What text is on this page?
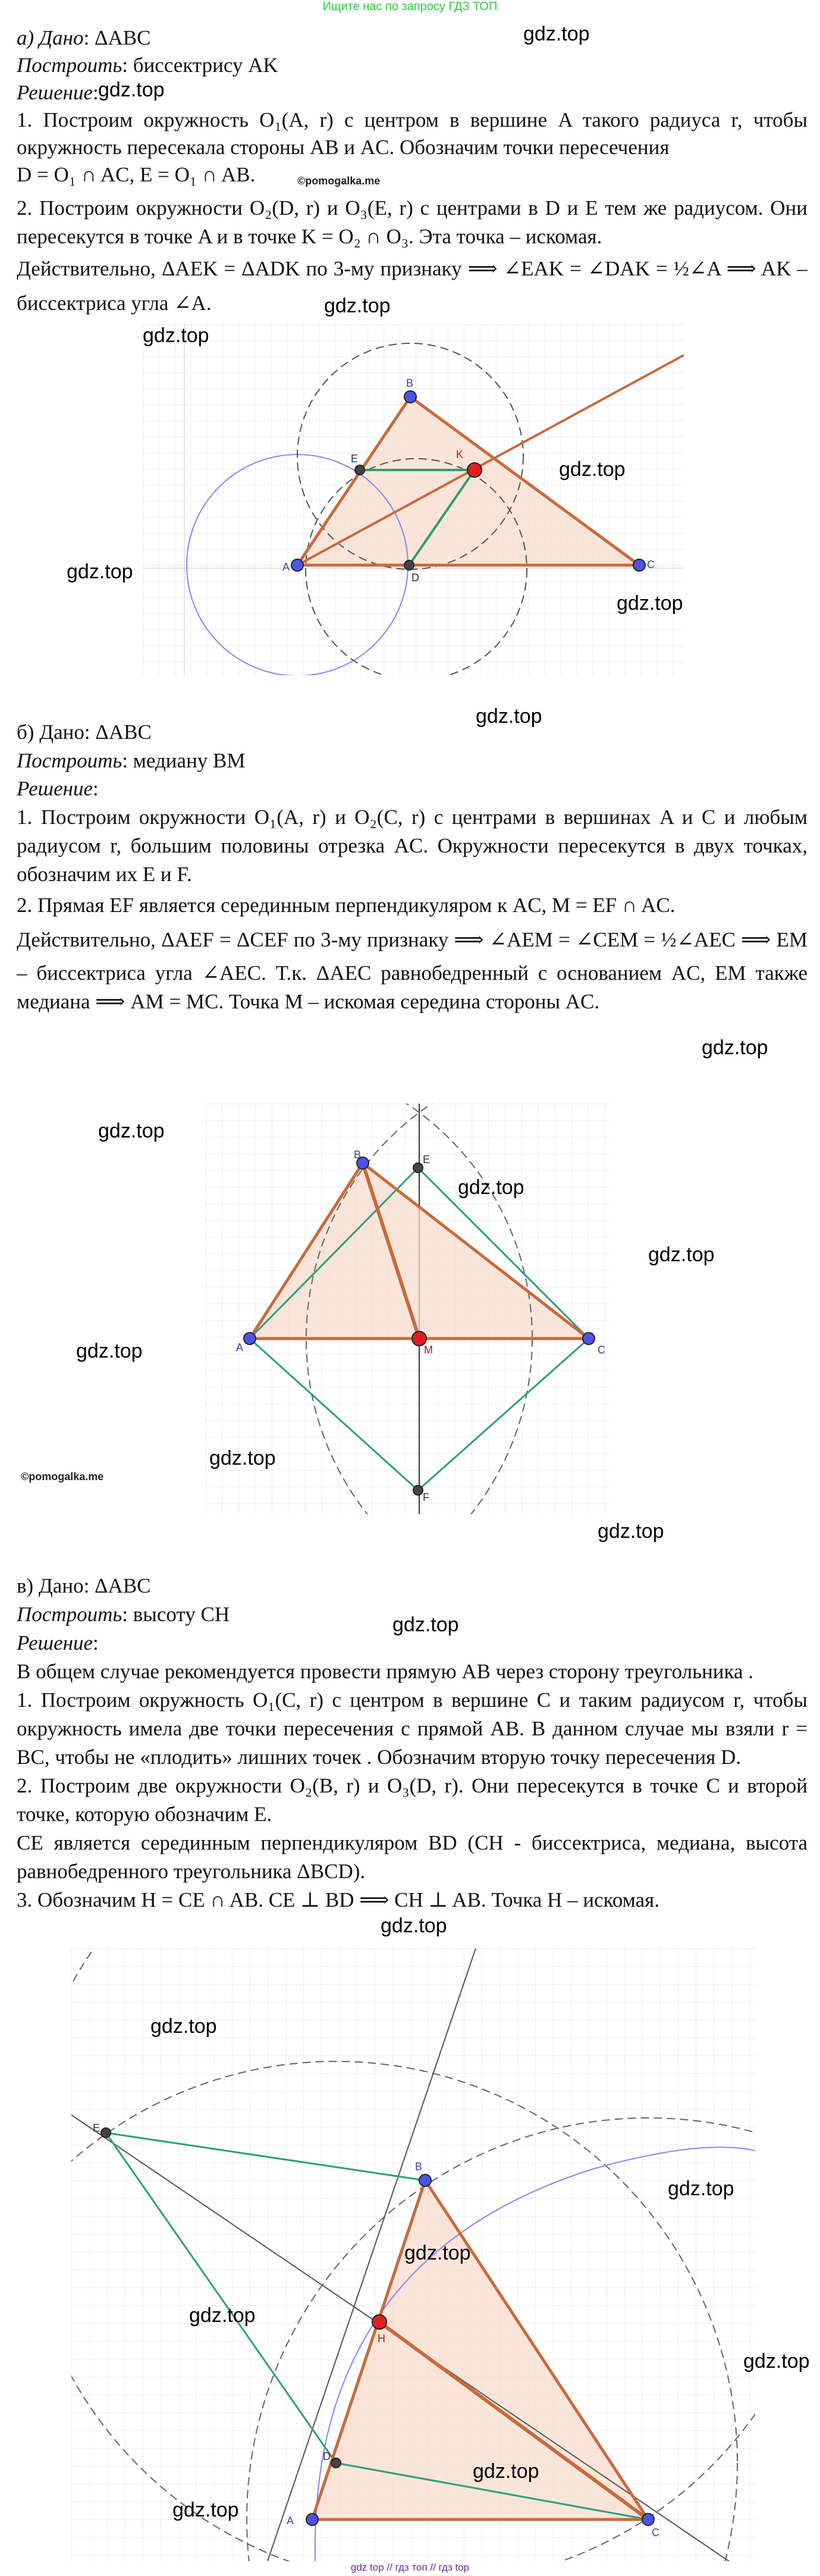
Ищите нас по запросу ГДЗ ТОП
а) Дано: ΔABC
Построить: биссектрису AK
Решение:
1. Построим окружность O₁(A, r) с центром в вершине A такого радиуса r, чтобы
окружность пересекала стороны AB и AC. Обозначим точки пересечения
D = O₁ ∩ AC, E = O₁ ∩ AB.
2. Построим окружности O₂(D, r) и O₃(E, r) с центрами в D и E тем же радиусом. Они
пересекутся в точке A и в точке K = O₂ ∩ O₃. Эта точка – искомая.
Действительно, ΔAEK = ΔADK по 3-му признаку ⟹ ∠EAK = ∠DAK = ½∠A ⟹ AK –
биссектриса угла ∠A.
gdz.top
gdz.top
©pomogalka.me
gdz.top
A
B
C
D
E	K
gdz.top
gdz.top
gdz.top
gdz.top
gdz.top
б) Дано: ΔABC
Построить: медиану BM
Решение:
1. Построим окружности O₁(A, r) и O₂(C, r) с центрами в вершинах A и C и любым
радиусом r, большим половины отрезка AC. Окружности пересекутся в двух точках,
обозначим их E и F.
2. Прямая EF является серединным перпендикуляром к AC, M = EF ∩ AC.
Действительно, ΔAEF = ΔCEF по 3-му признаку ⟹ ∠AEM = ∠CEM = ½∠AEC ⟹ EM
– биссектриса угла ∠AEC. Т.к. ΔAEC равнобедренный с основанием AC, EM также
медиана ⟹ AM = MC. Точка M – искомая середина стороны AC.
gdz.top
A
B
C
E
F
M
gdz.top
gdz.top
gdz.top
gdz.top
gdz.top
©pomogalka.me
gdz.top
в) Дано: ΔABC
Построить: высоту CH
Решение:
В общем случае рекомендуется провести прямую AB через сторону треугольника .
1. Построим окружность O₁(C, r) с центром в вершине C и таким радиусом r, чтобы
окружность имела две точки пересечения с прямой AB. В данном случае мы взяли r =
BC, чтобы не «плодить» лишних точек . Обозначим вторую точку пересечения D.
2. Построим две окружности O₂(B, r) и O₃(D, r). Они пересекутся в точке C и второй
точке, которую обозначим E.
CE является серединным перпендикуляром BD (CH - биссектриса, медиана, высота
равнобедренного треугольника ΔBCD).
3. Обозначим H = CE ∩ AB. CE ⊥ BD ⟹ CH ⊥ AB. Точка H – искомая.
gdz.top
gdz.top
A
B
C
D
E
H
gdz.top
gdz.top
gdz.top
gdz.top
gdz.top
gdz.top
gdz.top
gdz top // гдз топ // гдз top
